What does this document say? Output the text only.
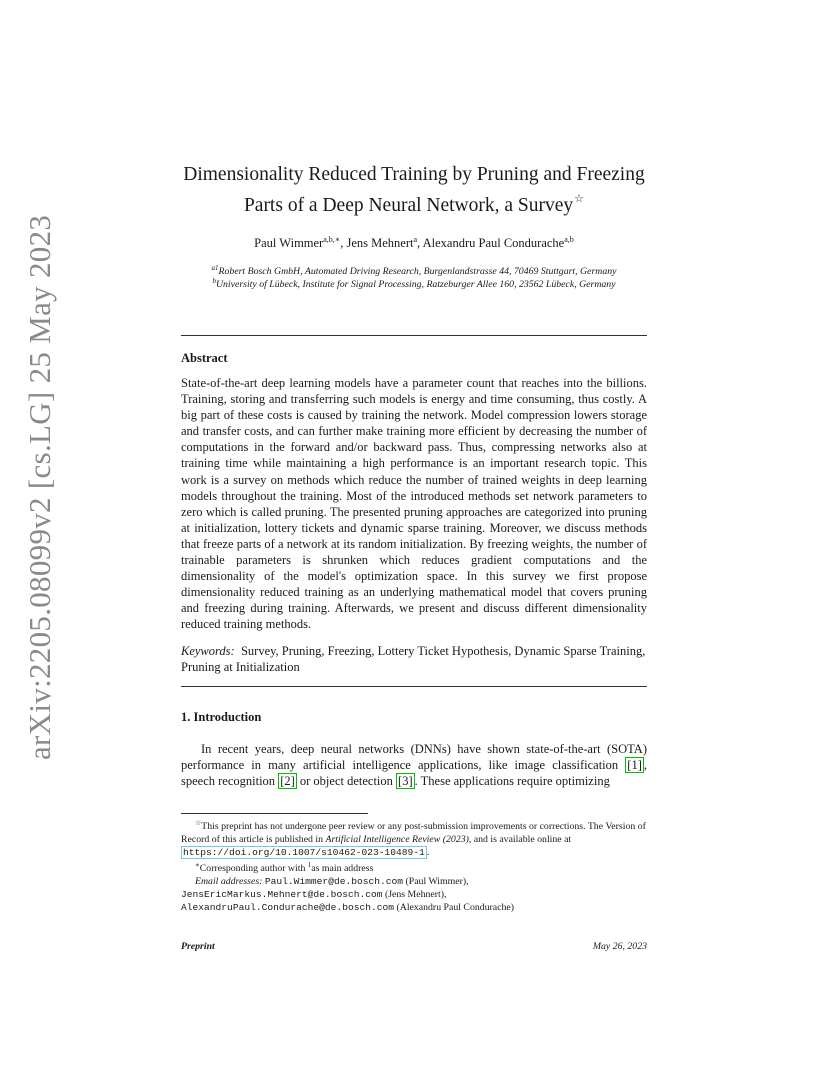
arXiv:2205.08099v2 [cs.LG] 25 May 2023
Dimensionality Reduced Training by Pruning and Freezing
Parts of a Deep Neural Network, a Survey☆
Paul Wimmer$^{a,b,∗}$, Jens Mehnert$^a$, Alexandru Paul Condurache$^{a,b}$
$^{a1}$Robert Bosch GmbH, Automated Driving Research, Burgenlandstrasse 44, 70469 Stuttgart, Germany
$^b$University of Lübeck, Institute for Signal Processing, Ratzeburger Allee 160, 23562 Lübeck, Germany
Abstract
State-of-the-art deep learning models have a parameter count that reaches into the billions. Training, storing and transferring such models is energy and time consuming, thus costly. A big part of these costs is caused by training the network. Model compression lowers storage and transfer costs, and can further make training more efficient by decreasing the number of computations in the forward and/or backward pass. Thus, compressing networks also at training time while maintaining a high performance is an important research topic. This work is a survey on methods which reduce the number of trained weights in deep learning models throughout the training. Most of the introduced methods set network parameters to zero which is called pruning. The presented pruning approaches are categorized into pruning at initialization, lottery tickets and dynamic sparse training. Moreover, we discuss methods that freeze parts of a network at its random initialization. By freezing weights, the number of trainable parameters is shrunken which reduces gradient computations and the dimensionality of the model's optimization space. In this survey we first propose dimensionality reduced training as an underlying mathematical model that covers pruning and freezing during training. Afterwards, we present and discuss different dimensionality reduced training methods.
Keywords: Survey, Pruning, Freezing, Lottery Ticket Hypothesis, Dynamic Sparse Training, Pruning at Initialization
1. Introduction
In recent years, deep neural networks (DNNs) have shown state-of-the-art (SOTA) performance in many artificial intelligence applications, like image classification [1] , speech recognition [2] or object detection [3] . These applications require optimizing

☆This preprint has not undergone peer review or any post-submission improvements or corrections. The Version of Record of this article is published in Artificial Intelligence Review (2023), and is available online at https://doi.org/10.1007/s10462-023-10489-1 .

∗Corresponding author with $^1$as main address

Email addresses: Paul.Wimmer@de.bosch.com (Paul Wimmer),

JensEricMarkus.Mehnert@de.bosch.com (Jens Mehnert),

AlexandruPaul.Condurache@de.bosch.com (Alexandru Paul Condurache)

Preprint	May 26, 2023
